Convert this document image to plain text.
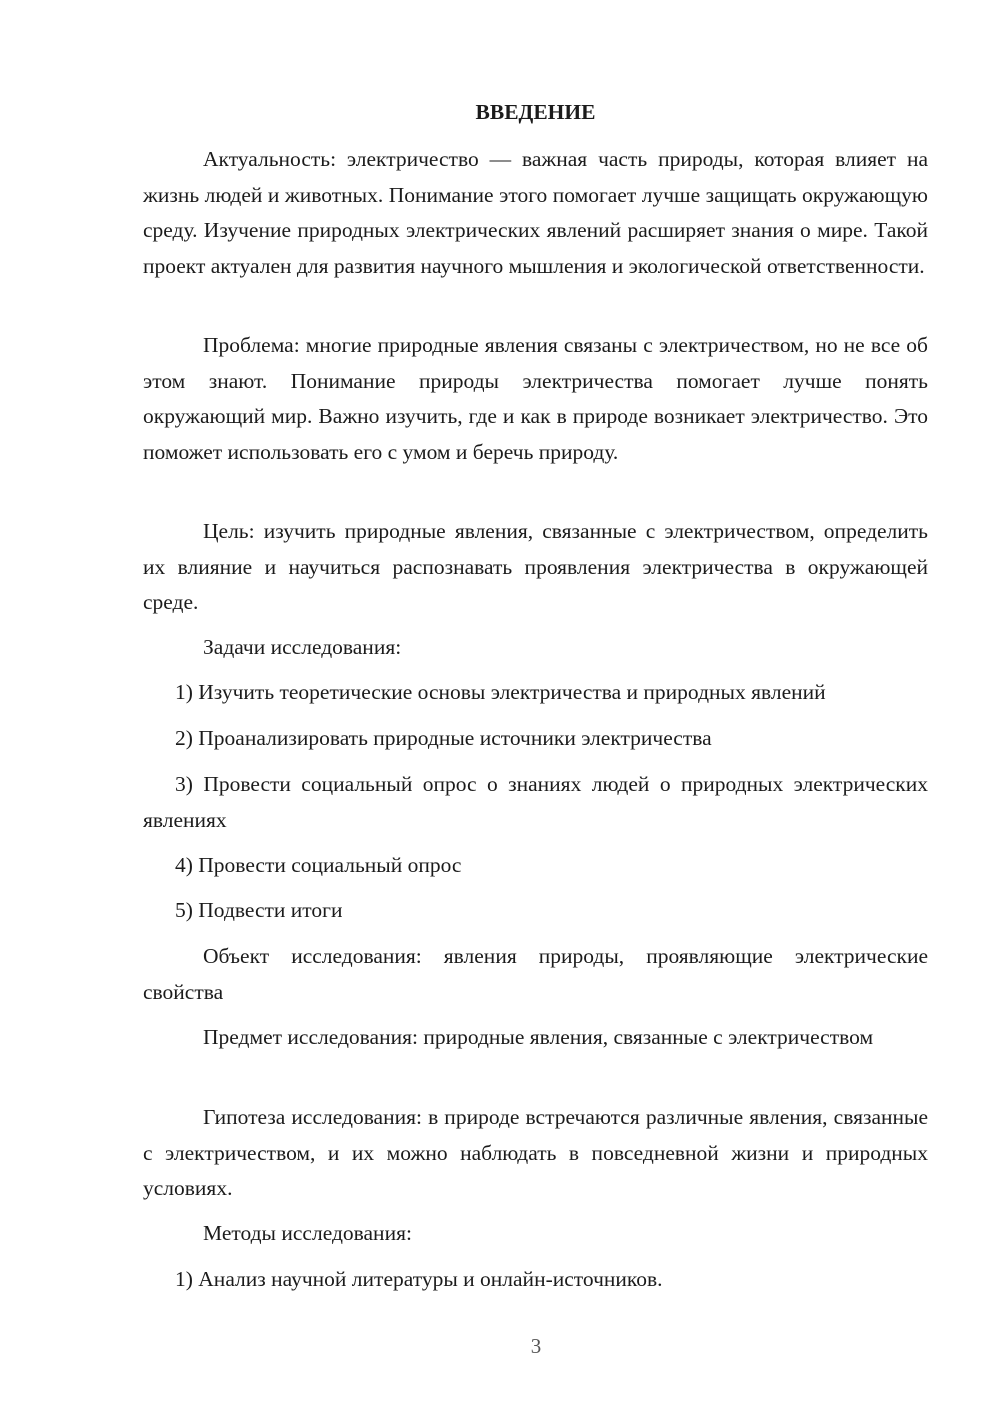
ВВЕДЕНИЕ

Актуальность: электричество — важная часть природы, которая влияет на жизнь людей и животных. Понимание этого помогает лучше защищать окружающую среду. Изучение природных электрических явлений расширяет знания о мире. Такой проект актуален для развития научного мышления и экологической ответственности.

Проблема: многие природные явления связаны с электричеством, но не все об этом знают. Понимание природы электричества помогает лучше понять окружающий мир. Важно изучить, где и как в природе возникает электричество. Это поможет использовать его с умом и беречь природу.

Цель: изучить природные явления, связанные с электричеством, определить их влияние и научиться распознавать проявления электричества в окружающей среде.

Задачи исследования:

1) Изучить теоретические основы электричества и природных явлений

2) Проанализировать природные источники электричества

3) Провести социальный опрос о знаниях людей о природных электрических явлениях

4) Провести социальный опрос

5) Подвести итоги

Объект исследования: явления природы, проявляющие электрические свойства

Предмет исследования: природные явления, связанные с электричеством

Гипотеза исследования: в природе встречаются различные явления, связанные с электричеством, и их можно наблюдать в повседневной жизни и природных условиях.

Методы исследования:

1) Анализ научной литературы и онлайн-источников.

3
